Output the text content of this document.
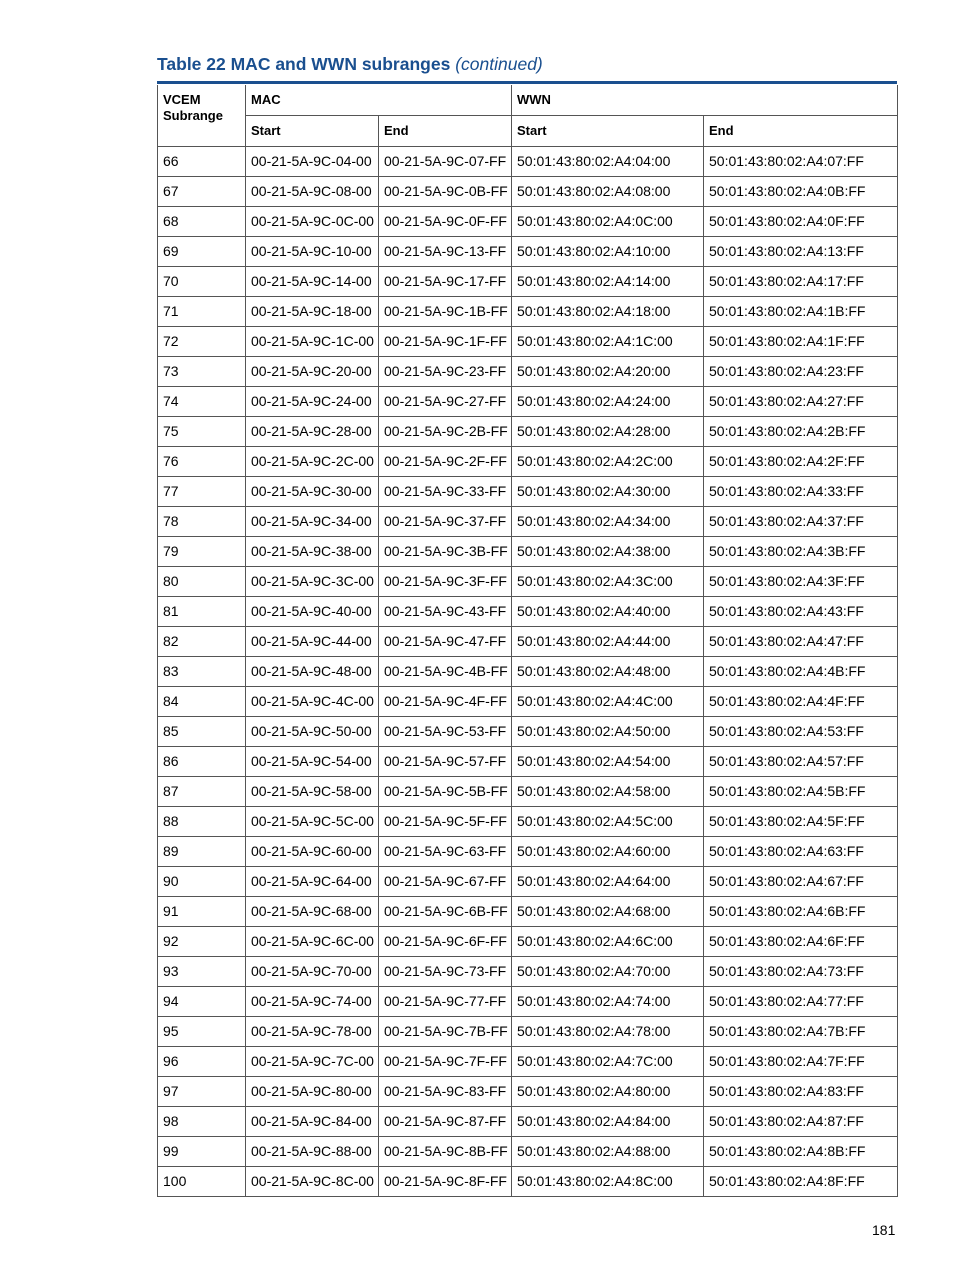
Table 22 MAC and WWN subranges (continued)
VCEM
Subrange	MAC		WWN	
	Start	End	Start	End
66	00-21-5A-9C-04-00	00-21-5A-9C-07-FF	50:01:43:80:02:A4:04:00	50:01:43:80:02:A4:07:FF
67	00-21-5A-9C-08-00	00-21-5A-9C-0B-FF	50:01:43:80:02:A4:08:00	50:01:43:80:02:A4:0B:FF
68	00-21-5A-9C-0C-00	00-21-5A-9C-0F-FF	50:01:43:80:02:A4:0C:00	50:01:43:80:02:A4:0F:FF
69	00-21-5A-9C-10-00	00-21-5A-9C-13-FF	50:01:43:80:02:A4:10:00	50:01:43:80:02:A4:13:FF
70	00-21-5A-9C-14-00	00-21-5A-9C-17-FF	50:01:43:80:02:A4:14:00	50:01:43:80:02:A4:17:FF
71	00-21-5A-9C-18-00	00-21-5A-9C-1B-FF	50:01:43:80:02:A4:18:00	50:01:43:80:02:A4:1B:FF
72	00-21-5A-9C-1C-00	00-21-5A-9C-1F-FF	50:01:43:80:02:A4:1C:00	50:01:43:80:02:A4:1F:FF
73	00-21-5A-9C-20-00	00-21-5A-9C-23-FF	50:01:43:80:02:A4:20:00	50:01:43:80:02:A4:23:FF
74	00-21-5A-9C-24-00	00-21-5A-9C-27-FF	50:01:43:80:02:A4:24:00	50:01:43:80:02:A4:27:FF
75	00-21-5A-9C-28-00	00-21-5A-9C-2B-FF	50:01:43:80:02:A4:28:00	50:01:43:80:02:A4:2B:FF
76	00-21-5A-9C-2C-00	00-21-5A-9C-2F-FF	50:01:43:80:02:A4:2C:00	50:01:43:80:02:A4:2F:FF
77	00-21-5A-9C-30-00	00-21-5A-9C-33-FF	50:01:43:80:02:A4:30:00	50:01:43:80:02:A4:33:FF
78	00-21-5A-9C-34-00	00-21-5A-9C-37-FF	50:01:43:80:02:A4:34:00	50:01:43:80:02:A4:37:FF
79	00-21-5A-9C-38-00	00-21-5A-9C-3B-FF	50:01:43:80:02:A4:38:00	50:01:43:80:02:A4:3B:FF
80	00-21-5A-9C-3C-00	00-21-5A-9C-3F-FF	50:01:43:80:02:A4:3C:00	50:01:43:80:02:A4:3F:FF
81	00-21-5A-9C-40-00	00-21-5A-9C-43-FF	50:01:43:80:02:A4:40:00	50:01:43:80:02:A4:43:FF
82	00-21-5A-9C-44-00	00-21-5A-9C-47-FF	50:01:43:80:02:A4:44:00	50:01:43:80:02:A4:47:FF
83	00-21-5A-9C-48-00	00-21-5A-9C-4B-FF	50:01:43:80:02:A4:48:00	50:01:43:80:02:A4:4B:FF
84	00-21-5A-9C-4C-00	00-21-5A-9C-4F-FF	50:01:43:80:02:A4:4C:00	50:01:43:80:02:A4:4F:FF
85	00-21-5A-9C-50-00	00-21-5A-9C-53-FF	50:01:43:80:02:A4:50:00	50:01:43:80:02:A4:53:FF
86	00-21-5A-9C-54-00	00-21-5A-9C-57-FF	50:01:43:80:02:A4:54:00	50:01:43:80:02:A4:57:FF
87	00-21-5A-9C-58-00	00-21-5A-9C-5B-FF	50:01:43:80:02:A4:58:00	50:01:43:80:02:A4:5B:FF
88	00-21-5A-9C-5C-00	00-21-5A-9C-5F-FF	50:01:43:80:02:A4:5C:00	50:01:43:80:02:A4:5F:FF
89	00-21-5A-9C-60-00	00-21-5A-9C-63-FF	50:01:43:80:02:A4:60:00	50:01:43:80:02:A4:63:FF
90	00-21-5A-9C-64-00	00-21-5A-9C-67-FF	50:01:43:80:02:A4:64:00	50:01:43:80:02:A4:67:FF
91	00-21-5A-9C-68-00	00-21-5A-9C-6B-FF	50:01:43:80:02:A4:68:00	50:01:43:80:02:A4:6B:FF
92	00-21-5A-9C-6C-00	00-21-5A-9C-6F-FF	50:01:43:80:02:A4:6C:00	50:01:43:80:02:A4:6F:FF
93	00-21-5A-9C-70-00	00-21-5A-9C-73-FF	50:01:43:80:02:A4:70:00	50:01:43:80:02:A4:73:FF
94	00-21-5A-9C-74-00	00-21-5A-9C-77-FF	50:01:43:80:02:A4:74:00	50:01:43:80:02:A4:77:FF
95	00-21-5A-9C-78-00	00-21-5A-9C-7B-FF	50:01:43:80:02:A4:78:00	50:01:43:80:02:A4:7B:FF
96	00-21-5A-9C-7C-00	00-21-5A-9C-7F-FF	50:01:43:80:02:A4:7C:00	50:01:43:80:02:A4:7F:FF
97	00-21-5A-9C-80-00	00-21-5A-9C-83-FF	50:01:43:80:02:A4:80:00	50:01:43:80:02:A4:83:FF
98	00-21-5A-9C-84-00	00-21-5A-9C-87-FF	50:01:43:80:02:A4:84:00	50:01:43:80:02:A4:87:FF
99	00-21-5A-9C-88-00	00-21-5A-9C-8B-FF	50:01:43:80:02:A4:88:00	50:01:43:80:02:A4:8B:FF
100	00-21-5A-9C-8C-00	00-21-5A-9C-8F-FF	50:01:43:80:02:A4:8C:00	50:01:43:80:02:A4:8F:FF
181
